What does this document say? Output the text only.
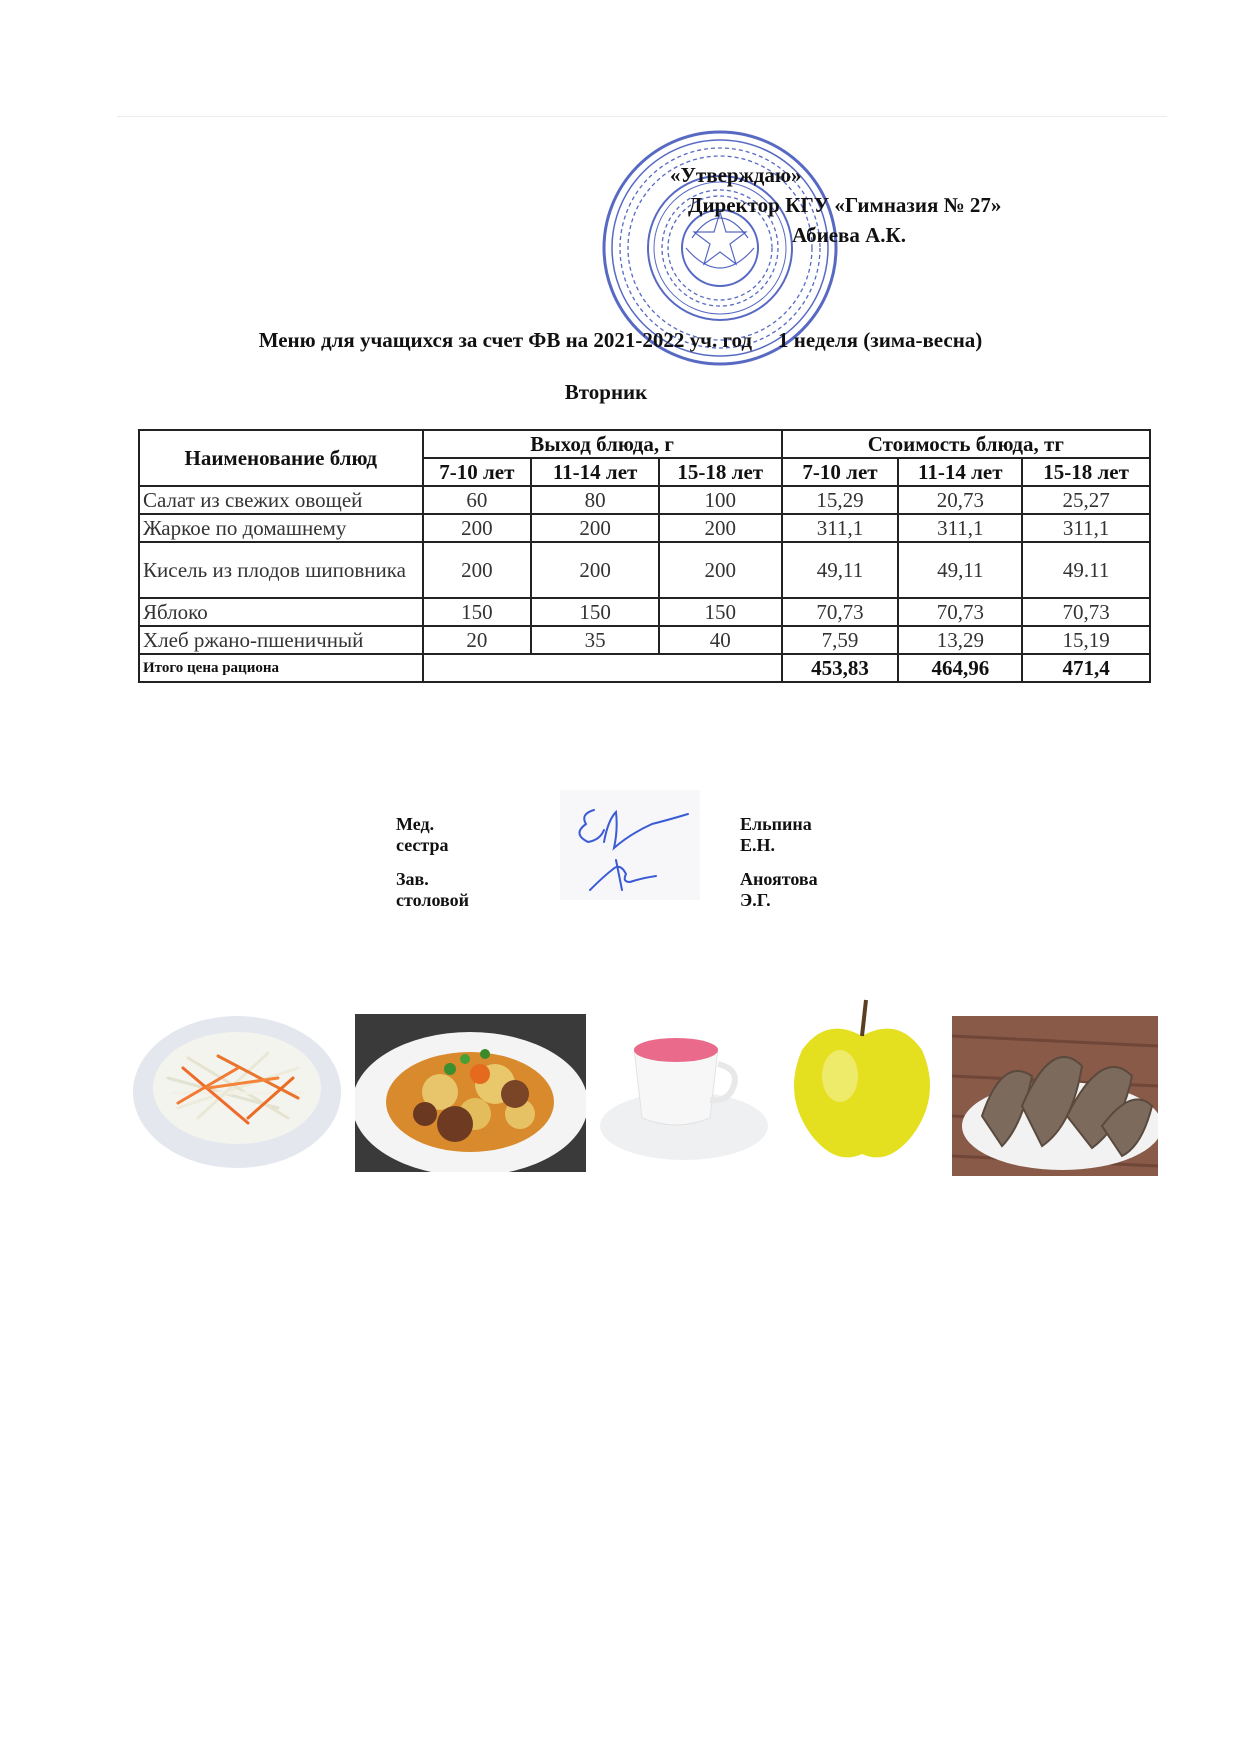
«Утверждаю»
Директор КГУ «Гимназия № 27»
Абиева А.К.
Меню для учащихся за счет ФВ на 2021-2022 уч. год 1 неделя (зима-весна)
Вторник
Наименование блюд	Выход блюда, г			Стоимость блюда, тг		
	7-10 лет	11-14 лет	15-18 лет	7-10 лет	11-14 лет	15-18 лет
Салат из свежих овощей	60	80	100	15,29	20,73	25,27
Жаркое по домашнему	200	200	200	311,1	311,1	311,1
Кисель из плодов шиповника	200	200	200	49,11	49,11	49.11
Яблоко	150	150	150	70,73	70,73	70,73
Хлеб ржано-пшеничный	20	35	40	7,59	13,29	15,19
Итого цена рациона				453,83	464,96	471,4
Мед. сестра
Ельпина Е.Н.
Зав. столовой
Аноятова Э.Г.
